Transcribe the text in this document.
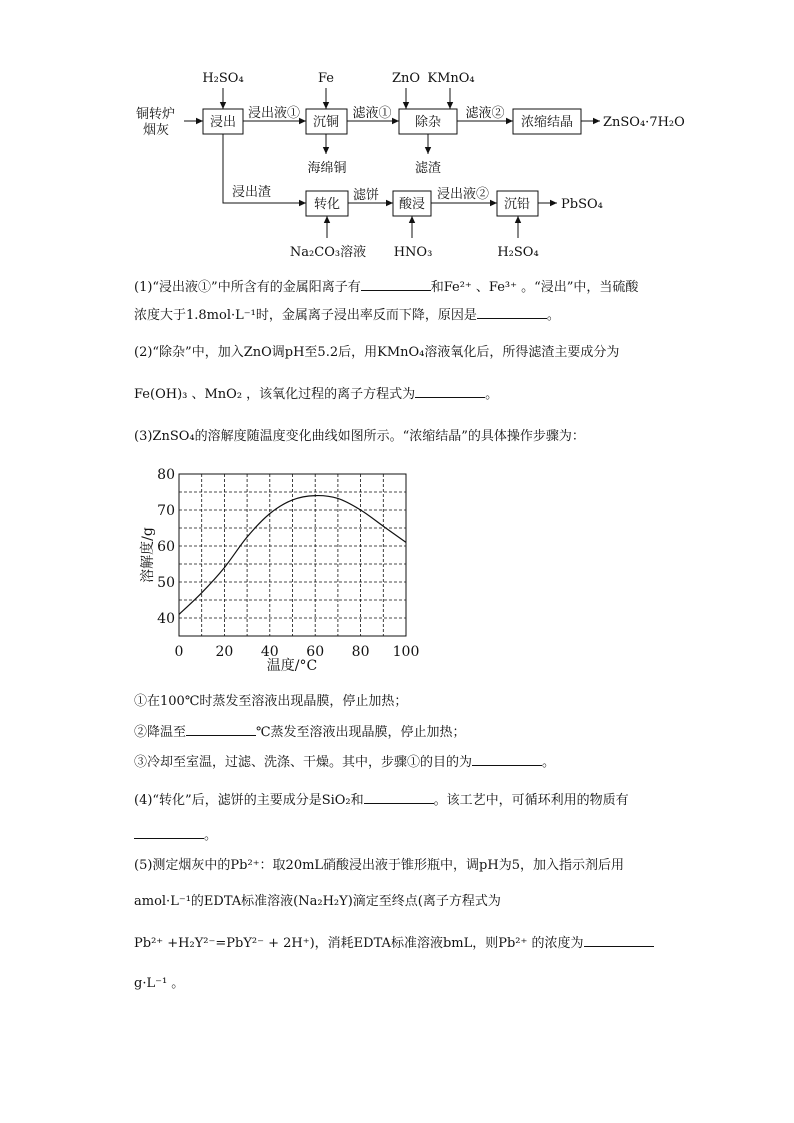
铜转炉
烟灰
H₂SO₄	Fe	ZnO KMnO₄
浸出
浸出液①
沉铜
滤液①
除杂
滤液②
浓缩结晶 ZnSO₄·7H₂O
海绵铜	滤渣
浸出渣
转化
滤饼
酸浸
浸出液②
沉铅 PbSO₄
Na₂CO₃溶液 HNO₃	H₂SO₄
(1)“浸出液①”中所含有的金属阳离子有	和Fe²⁺ 、Fe³⁺ 。“浸出”中，当硫酸
浓度大于1.8mol·L⁻¹时，金属离子浸出率反而下降，原因是	。
(2)“除杂”中，加入ZnO调pH至5.2后，用KMnO₄溶液氧化后，所得滤渣主要成分为
Fe(OH)₃ 、MnO₂ ，该氧化过程的离子方程式为	。
(3)ZnSO₄的溶解度随温度变化曲线如图所示。“浓缩结晶”的具体操作步骤为：
40
50
60
70
80
0 20 40 60 80 100
溶解度/g
温度/°C
①在100℃时蒸发至溶液出现晶膜，停止加热；
②降温至	℃蒸发至溶液出现晶膜，停止加热；
③冷却至室温，过滤、洗涤、干燥。其中，步骤①的目的为	。
(4)“转化”后，滤饼的主要成分是SiO₂和	。该工艺中，可循环利用的物质有
。
(5)测定烟灰中的Pb²⁺：取20mL硝酸浸出液于锥形瓶中，调pH为5，加入指示剂后用
amol·L⁻¹的EDTA标准溶液(Na₂H₂Y)滴定至终点(离子方程式为
Pb²⁺ +H₂Y²⁻=PbY²⁻ + 2H⁺)，消耗EDTA标准溶液bmL，则Pb²⁺ 的浓度为
g·L⁻¹ 。
